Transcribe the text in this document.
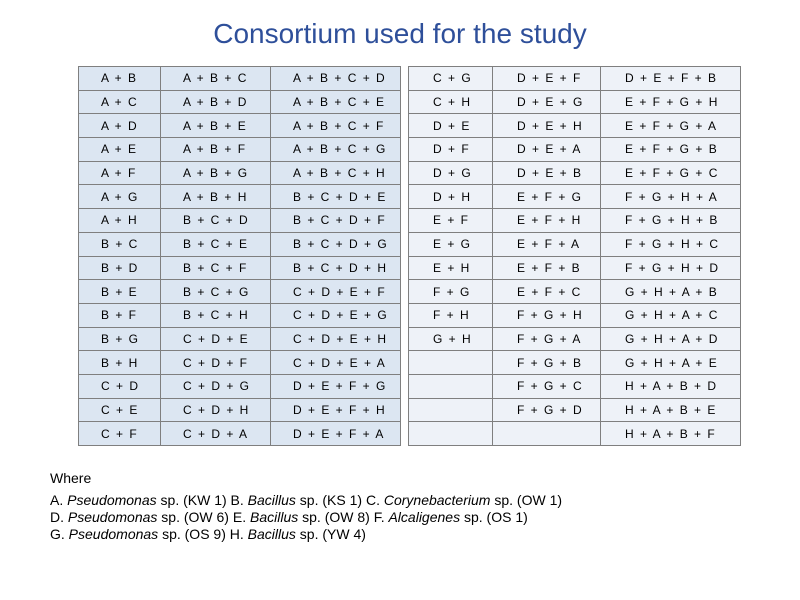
Consortium used for the study
A + B	A + B + C	A + B + C + D		C + G	D + E + F	D + E + F + B
A + C	A + B + D	A + B + C + E		C + H	D + E + G	E + F + G + H
A + D	A + B + E	A + B + C + F		D + E	D + E + H	E + F + G + A
A + E	A + B + F	A + B + C + G		D + F	D + E + A	E + F + G + B
A + F	A + B + G	A + B + C + H		D + G	D + E + B	E + F + G + C
A + G	A + B + H	B + C + D + E		D + H	E + F + G	F + G + H + A
A + H	B + C + D	B + C + D + F		E + F	E + F + H	F + G + H + B
B + C	B + C + E	B + C + D + G		E + G	E + F + A	F + G + H + C
B + D	B + C + F	B + C + D + H		E + H	E + F + B	F + G + H + D
B + E	B + C + G	C + D + E + F		F + G	E + F + C	G + H + A + B
B + F	B + C + H	C + D + E + G		F + H	F + G + H	G + H + A + C
B + G	C + D + E	C + D + E + H		G + H	F + G + A	G + H + A + D
B + H	C + D + F	C + D + E + A			F + G + B	G + H + A + E
C + D	C + D + G	D + E + F + G			F + G + C	H + A + B + D
C + E	C + D + H	D + E + F + H			F + G + D	H + A + B + E
C + F	C + D + A	D + E + F + A				H + A + B + F
Where
A. Pseudomonas sp. (KW 1) B. Bacillus sp. (KS 1) C. Corynebacterium sp. (OW 1)
D. Pseudomonas sp. (OW 6) E. Bacillus sp. (OW 8) F. Alcaligenes sp. (OS 1)
G. Pseudomonas sp. (OS 9) H. Bacillus sp. (YW 4)
